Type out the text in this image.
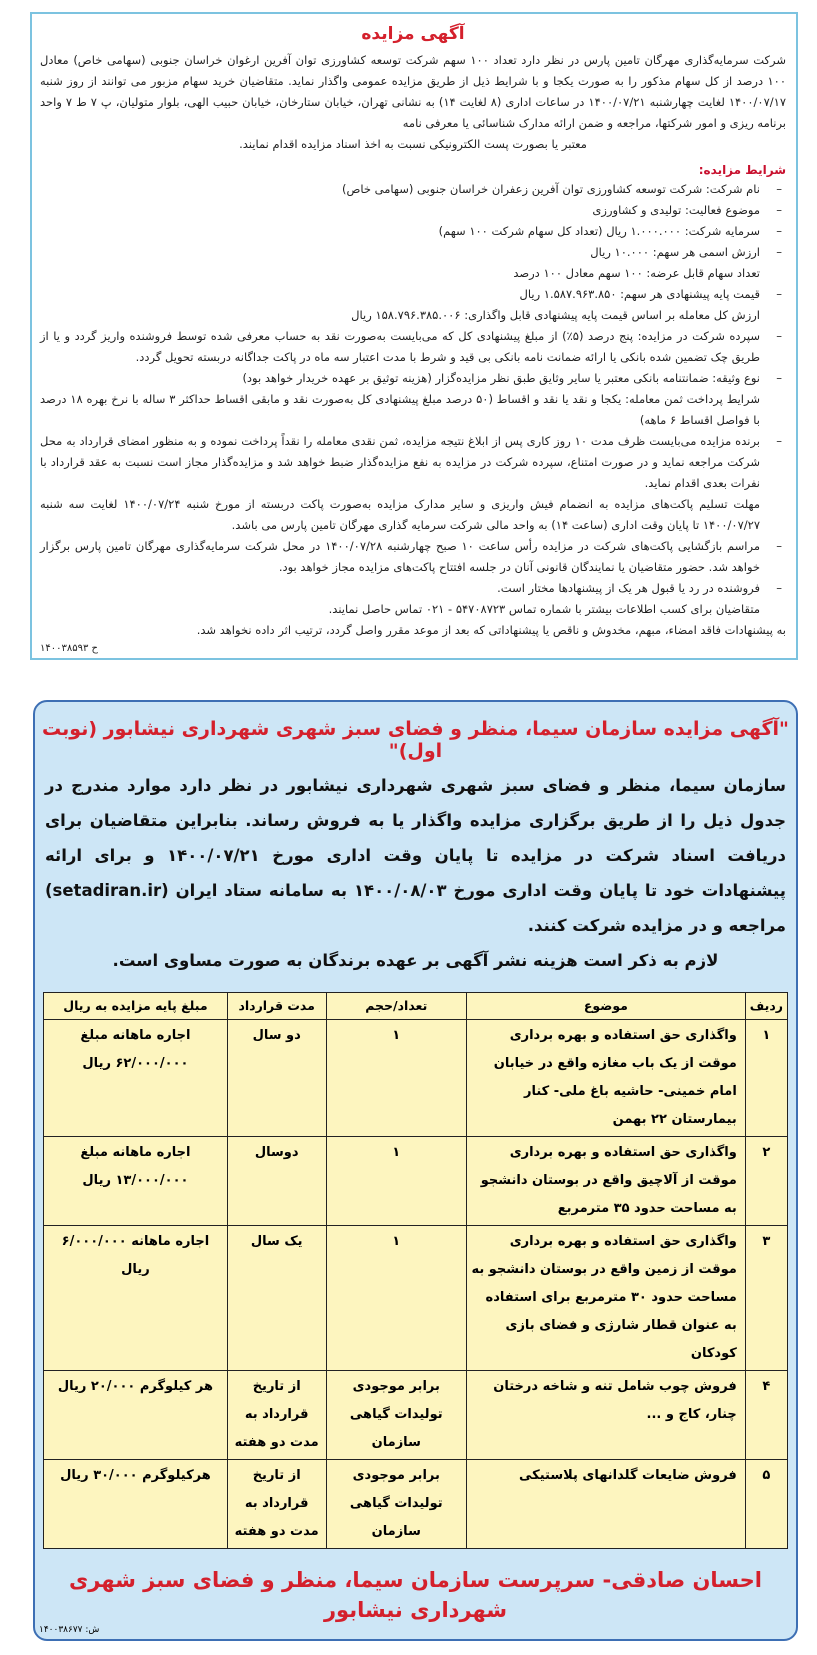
آگهی مزایده

شرکت سرمایه‌گذاری مهرگان تامین پارس در نظر دارد تعداد ۱۰۰ سهم شرکت توسعه کشاورزی توان آفرین ارغوان خراسان جنوبی (سهامی خاص) معادل ۱۰۰ درصد از کل سهام مذکور را به صورت یکجا و با شرایط ذیل از طریق مزایده عمومی واگذار نماید. متقاضیان خرید سهام مزبور می توانند از روز شنبه ۱۴۰۰/۰۷/۱۷ لغایت چهارشنبه ۱۴۰۰/۰۷/۲۱ در ساعات اداری (۸ لغایت ۱۴) به نشانی تهران، خیابان ستارخان، خیابان حبیب الهی، بلوار متولیان، پ ۷ ط ۷ واحد برنامه ریزی و امور شرکتها، مراجعه و ضمن ارائه مدارک شناسائی یا معرفی نامه

معتبر یا بصورت پست الکترونیکی نسبت به اخذ اسناد مزایده اقدام نمایند.

شرایط مزایده:
– نام شرکت: شرکت توسعه کشاورزی توان آفرین زعفران خراسان جنوبی (سهامی خاص)
– موضوع فعالیت: تولیدی و کشاورزی
– سرمایه شرکت: ۱.۰۰۰.۰۰۰ ریال (تعداد کل سهام شرکت ۱۰۰ سهم)
– ارزش اسمی هر سهم: ۱۰.۰۰۰ ریال
تعداد سهام قابل عرضه: ۱۰۰ سهم معادل ۱۰۰ درصد
– قیمت پایه پیشنهادی هر سهم: ۱.۵۸۷.۹۶۳.۸۵۰ ریال
ارزش کل معامله بر اساس قیمت پایه پیشنهادی قابل واگذاری: ۱۵۸.۷۹۶.۳۸۵.۰۰۶ ریال
– سپرده شرکت در مزایده: پنج درصد (۵٪) از مبلغ پیشنهادی کل که می‌بایست به‌صورت نقد به حساب معرفی شده توسط فروشنده واریز گردد و یا از طریق چک تضمین شده بانکی یا ارائه ضمانت نامه بانکی بی قید و شرط با مدت اعتبار سه ماه در پاکت جداگانه دربسته تحویل گردد.
– نوع وثیقه: ضمانتنامه بانکی معتبر یا سایر وثایق طبق نظر مزایده‌گزار (هزینه توثیق بر عهده خریدار خواهد بود)
شرایط پرداخت ثمن معامله: یکجا و نقد یا نقد و اقساط (۵۰ درصد مبلغ پیشنهادی کل به‌صورت نقد و مابقی اقساط حداکثر ۳ ساله با نرخ بهره ۱۸ درصد با فواصل اقساط ۶ ماهه)
– برنده مزایده می‌بایست ظرف مدت ۱۰ روز کاری پس از ابلاغ نتیجه مزایده، ثمن نقدی معامله را نقداً پرداخت نموده و به منظور امضای قرارداد به محل شرکت مراجعه نماید و در صورت امتناع، سپرده شرکت در مزایده به نفع مزایده‌گذار ضبط خواهد شد و مزایده‌گذار مجاز است نسبت به عقد قرارداد با نفرات بعدی اقدام نماید.
مهلت تسلیم پاکت‌های مزایده به انضمام فیش واریزی و سایر مدارک مزایده به‌صورت پاکت دربسته از مورخ شنبه ۱۴۰۰/۰۷/۲۴ لغایت سه شنبه ۱۴۰۰/۰۷/۲۷ تا پایان وقت اداری (ساعت ۱۴) به واحد مالی شرکت سرمایه گذاری مهرگان تامین پارس می باشد.
– مراسم بازگشایی پاکت‌های شرکت در مزایده رأس ساعت ۱۰ صبح چهارشنبه ۱۴۰۰/۰۷/۲۸ در محل شرکت سرمایه‌گذاری مهرگان تامین پارس برگزار خواهد شد. حضور متقاضیان یا نمایندگان قانونی آنان در جلسه افتتاح پاکت‌های مزایده مجاز خواهد بود.
– فروشنده در رد یا قبول هر یک از پیشنهادها مختار است.
متقاضیان برای کسب اطلاعات بیشتر با شماره تماس ۵۴۷۰۸۷۲۳ - ۰۲۱ تماس حاصل نمایند.
به پیشنهادات فاقد امضاء، مبهم، مخدوش و ناقص یا پیشنهاداتی که بعد از موعد مقرر واصل گردد، ترتیب اثر داده نخواهد شد.
ح ۱۴۰۰۳۸۵۹۳
"آگهی مزایده سازمان سیما، منظر و فضای سبز شهری شهرداری نیشابور (نوبت اول)"
سازمان سیما، منظر و فضای سبز شهری شهرداری نیشابور در نظر دارد موارد مندرج در جدول ذیل را از طریق برگزاری مزایده واگذار یا به فروش رساند. بنابراین متقاضیان برای دریافت اسناد شرکت در مزایده تا پایان وقت اداری مورخ ۱۴۰۰/۰۷/۲۱ و برای ارائه پیشنهادات خود تا پایان وقت اداری مورخ ۱۴۰۰/۰۸/۰۳ به سامانه ستاد ایران (setadiran.ir) مراجعه و در مزایده شرکت کنند.
لازم به ذکر است هزینه نشر آگهی بر عهده برندگان به صورت مساوی است.
ردیف	موضوع	تعداد/حجم	مدت قرارداد	مبلغ پایه مزایده به ریال
۱	واگذاری حق استفاده و بهره برداری موقت از یک باب مغازه واقع در خیابان امام خمینی- حاشیه باغ ملی- کنار بیمارستان ۲۲ بهمن	۱	دو سال	اجاره ماهانه مبلغ ۶۲/۰۰۰/۰۰۰ ریال
۲	واگذاری حق استفاده و بهره برداری موقت از آلاچیق واقع در بوستان دانشجو به مساحت حدود ۳۵ مترمربع	۱	دوسال	اجاره ماهانه مبلغ ۱۳/۰۰۰/۰۰۰ ریال
۳	واگذاری حق استفاده و بهره برداری موقت از زمین واقع در بوستان دانشجو به مساحت حدود ۳۰ مترمربع برای استفاده به عنوان قطار شارژی و فضای بازی کودکان	۱	یک سال	اجاره ماهانه ۶/۰۰۰/۰۰۰ ریال
۴	فروش چوب شامل تنه و شاخه درختان چنار، کاج و ...	برابر موجودی تولیدات گیاهی سازمان	از تاریخ قرارداد به مدت دو هفته	هر کیلوگرم ۲۰/۰۰۰ ریال
۵	فروش ضایعات گلدانهای پلاستیکی	برابر موجودی تولیدات گیاهی سازمان	از تاریخ قرارداد به مدت دو هفته	هرکیلوگرم ۳۰/۰۰۰ ریال
احسان صادقی- سرپرست سازمان سیما، منظر و فضای سبز شهری شهرداری نیشابور
ش: ۱۴۰۰۳۸۶۷۷
